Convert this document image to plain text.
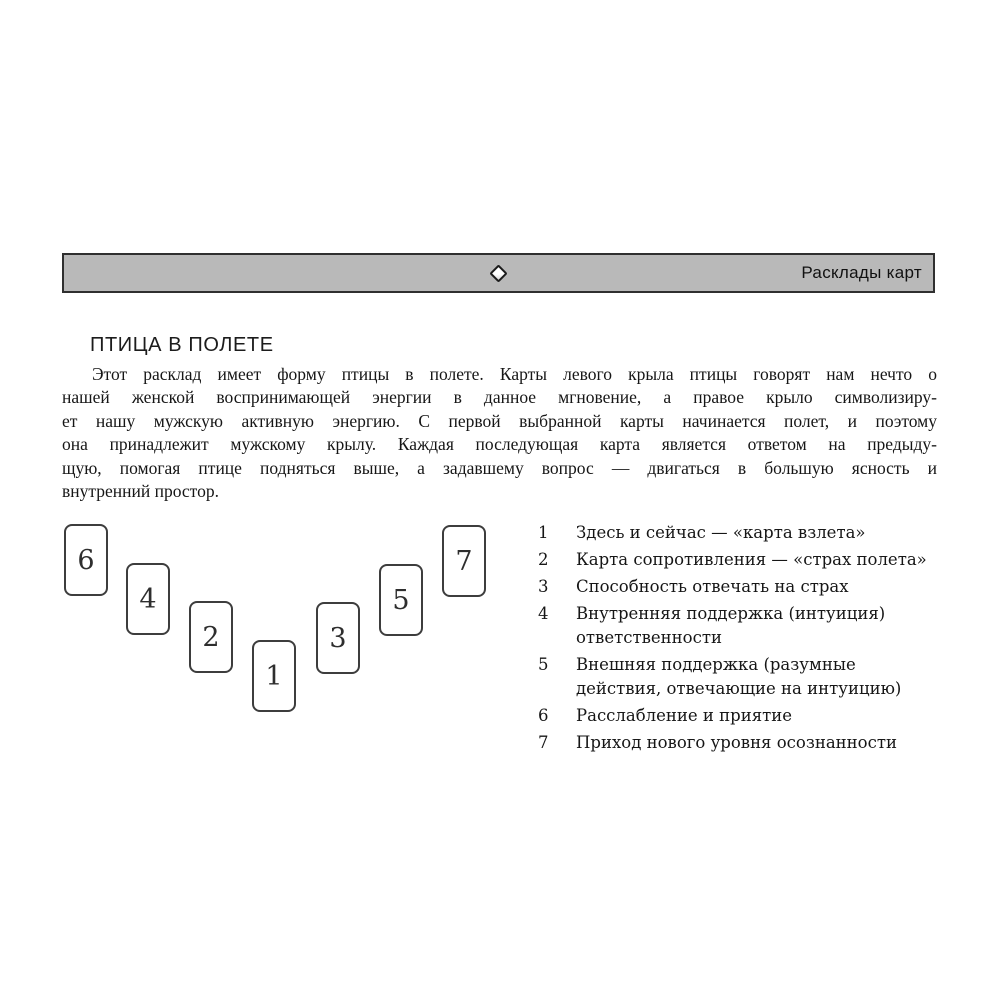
Расклады карт
ПТИЦА В ПОЛЕТЕ
Этот расклад имеет форму птицы в полете. Карты левого крыла птицы говорят нам нечто о
нашей женской воспринимающей энергии в данное мгновение, а правое крыло символизиру-
ет нашу мужскую активную энергию. С первой выбранной карты начинается полет, и поэтому
она принадлежит мужскому крылу. Каждая последующая карта является ответом на предыду-
щую, помогая птице подняться выше, а задавшему вопрос — двигаться в большую ясность и
внутренний простор.
6
4
2
1
3
5
7
1	Здесь и сейчас — «карта взлета»
2	Карта сопротивления — «страх полета»
3	Способность отвечать на страх
4	Внутренняя поддержка (интуиция)
ответственности
5	Внешняя поддержка (разумные
действия, отвечающие на интуицию)
6	Расслабление и приятие
7	Приход нового уровня осознанности
